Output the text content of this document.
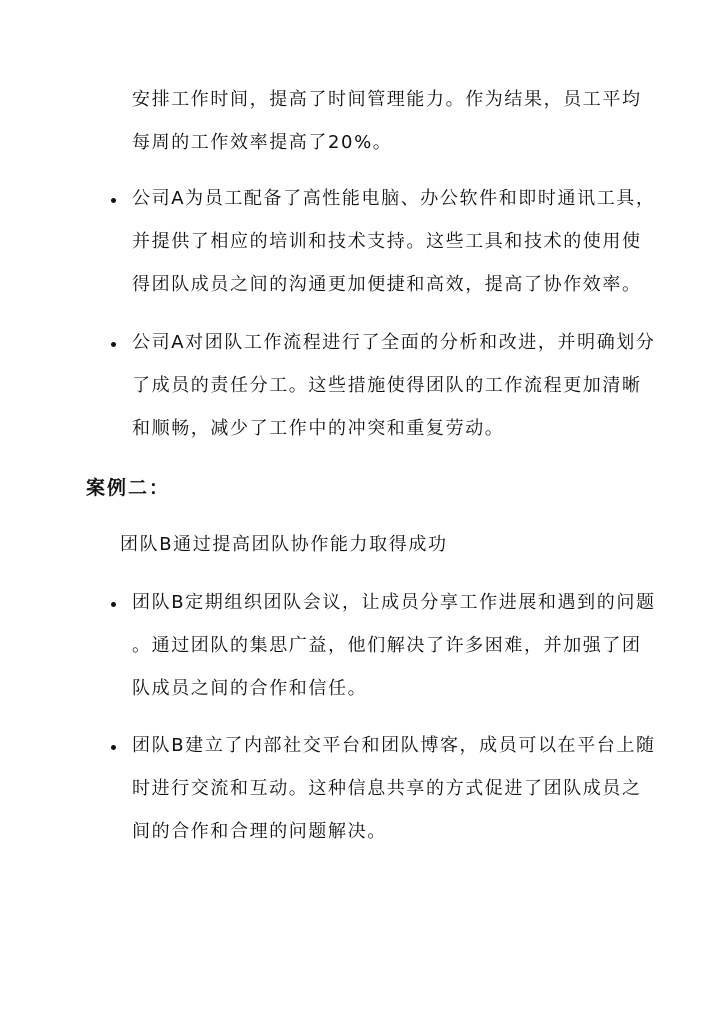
安排工作时间，提高了时间管理能力。作为结果，员工平均
每周的工作效率提高了20%。
公司A为员工配备了高性能电脑、办公软件和即时通讯工具，
并提供了相应的培训和技术支持。这些工具和技术的使用使
得团队成员之间的沟通更加便捷和高效，提高了协作效率。
公司A对团队工作流程进行了全面的分析和改进，并明确划分
了成员的责任分工。这些措施使得团队的工作流程更加清晰
和顺畅，减少了工作中的冲突和重复劳动。
案例二：
团队B通过提高团队协作能力取得成功
团队B定期组织团队会议，让成员分享工作进展和遇到的问题
。通过团队的集思广益，他们解决了许多困难，并加强了团
队成员之间的合作和信任。
团队B建立了内部社交平台和团队博客，成员可以在平台上随
时进行交流和互动。这种信息共享的方式促进了团队成员之
间的合作和合理的问题解决。
